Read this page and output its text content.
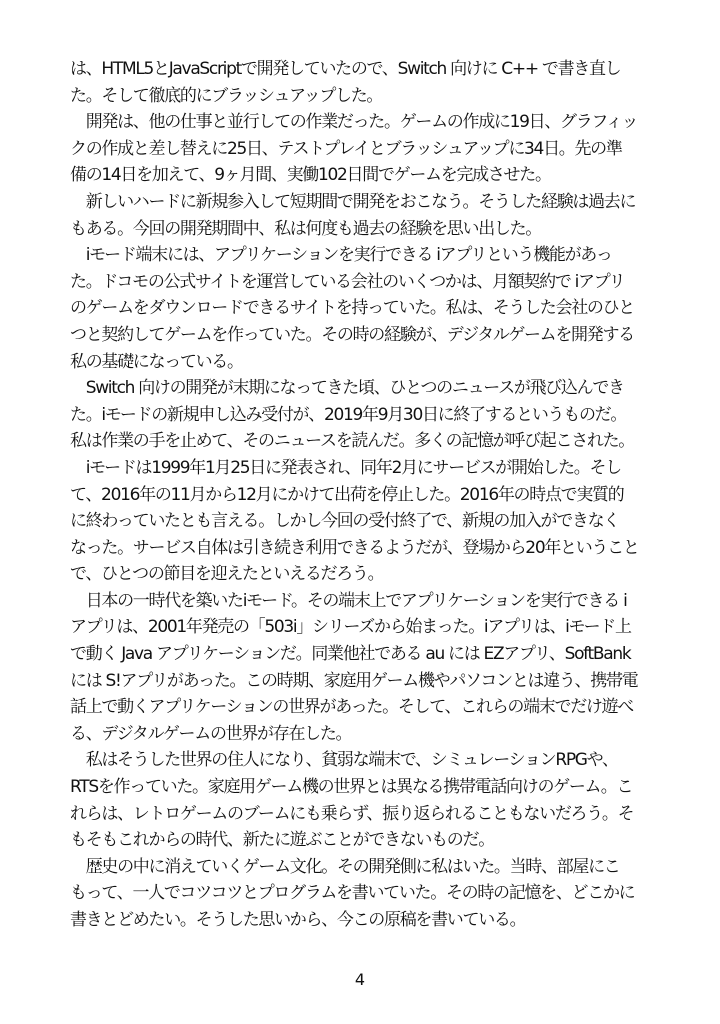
は、HTML5とJavaScriptで開発していたので、Switch 向けに C++ で書き直し
た。そして徹底的にブラッシュアップした。
　開発は、他の仕事と並行しての作業だった。ゲームの作成に19日、グラフィッ
クの作成と差し替えに25日、テストプレイとブラッシュアップに34日。先の準
備の14日を加えて、9ヶ月間、実働102日間でゲームを完成させた。
　新しいハードに新規参入して短期間で開発をおこなう。そうした経験は過去に
もある。今回の開発期間中、私は何度も過去の経験を思い出した。
　iモード端末には、アプリケーションを実行できる iアプリという機能があっ
た。ドコモの公式サイトを運営している会社のいくつかは、月額契約で iアプリ
のゲームをダウンロードできるサイトを持っていた。私は、そうした会社のひと
つと契約してゲームを作っていた。その時の経験が、デジタルゲームを開発する
私の基礎になっている。
　Switch 向けの開発が末期になってきた頃、ひとつのニュースが飛び込んでき
た。iモードの新規申し込み受付が、2019年9月30日に終了するというものだ。
私は作業の手を止めて、そのニュースを読んだ。多くの記憶が呼び起こされた。
　iモードは1999年1月25日に発表され、同年2月にサービスが開始した。そし
て、2016年の11月から12月にかけて出荷を停止した。2016年の時点で実質的
に終わっていたとも言える。しかし今回の受付終了で、新規の加入ができなく
なった。サービス自体は引き続き利用できるようだが、登場から20年ということ
で、ひとつの節目を迎えたといえるだろう。
　日本の一時代を築いたiモード。その端末上でアプリケーションを実行できる i
アプリは、2001年発売の「503i」シリーズから始まった。iアプリは、iモード上
で動く Java アプリケーションだ。同業他社である au には EZアプリ、SoftBank
には S!アプリがあった。この時期、家庭用ゲーム機やパソコンとは違う、携帯電
話上で動くアプリケーションの世界があった。そして、これらの端末でだけ遊べ
る、デジタルゲームの世界が存在した。
　私はそうした世界の住人になり、貧弱な端末で、シミュレーションRPGや、
RTSを作っていた。家庭用ゲーム機の世界とは異なる携帯電話向けのゲーム。こ
れらは、レトロゲームのブームにも乗らず、振り返られることもないだろう。そ
もそもこれからの時代、新たに遊ぶことができないものだ。
　歴史の中に消えていくゲーム文化。その開発側に私はいた。当時、部屋にこ
もって、一人でコツコツとプログラムを書いていた。その時の記憶を、どこかに
書きとどめたい。そうした思いから、今この原稿を書いている。
4
